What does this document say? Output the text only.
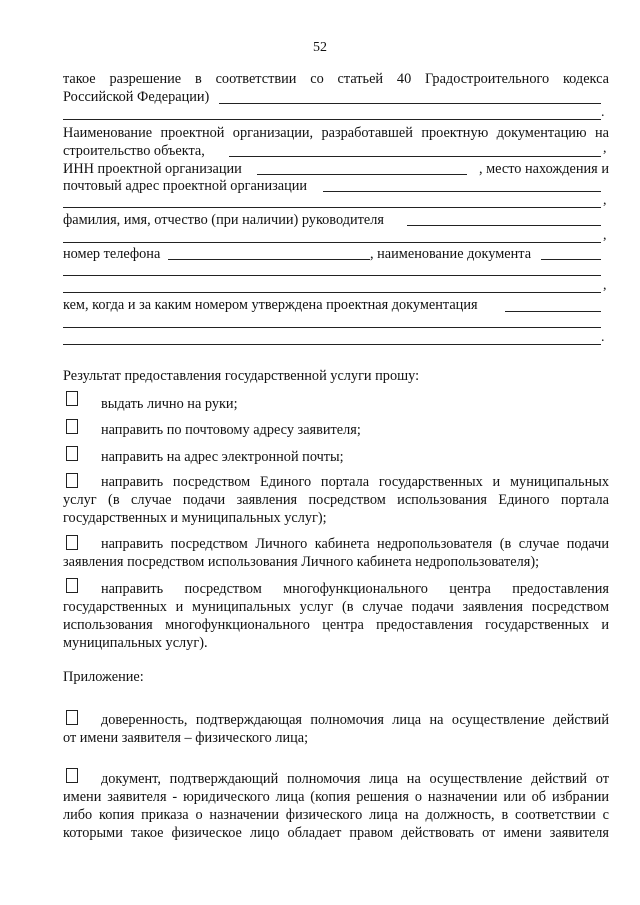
52
такое разрешение в соответствии со статьей 40 Градостроительного кодекса
Российской Федерации)
.
Наименование проектной организации, разработавшей проектную документацию на
строительство объекта,	,
ИНН проектной организации	, место нахождения и
почтовый адрес проектной организации
,
фамилия, имя, отчество (при наличии) руководителя
,
номер телефона	, наименование документа
,
кем, когда и за каким номером утверждена проектная документация
.
Результат предоставления государственной услуги прошу:
выдать лично на руки;
направить по почтовому адресу заявителя;
направить на адрес электронной почты;
направить посредством Единого портала государственных и муниципальных
услуг (в случае подачи заявления посредством использования Единого портала
государственных и муниципальных услуг);
направить посредством Личного кабинета недропользователя (в случае подачи
заявления посредством использования Личного кабинета недропользователя);
направить посредством многофункционального центра предоставления
государственных и муниципальных услуг (в случае подачи заявления посредством
использования многофункционального центра предоставления государственных и
муниципальных услуг).
Приложение:
доверенность, подтверждающая полномочия лица на осуществление действий
от имени заявителя – физического лица;
документ, подтверждающий полномочия лица на осуществление действий от
имени заявителя - юридического лица (копия решения о назначении или об избрании
либо копия приказа о назначении физического лица на должность, в соответствии с
которыми такое физическое лицо обладает правом действовать от имени заявителя
